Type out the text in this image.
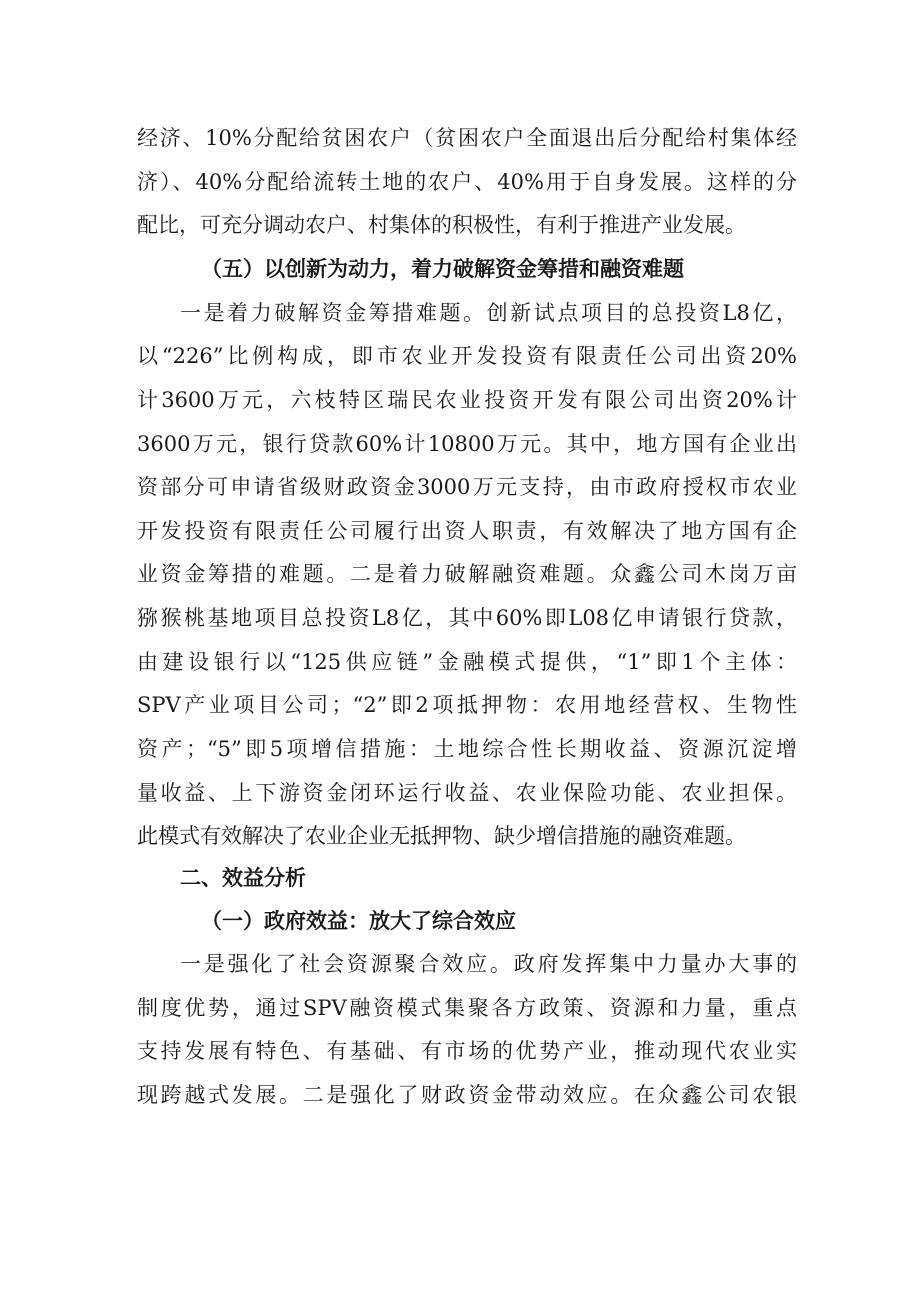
经济、10%分配给贫困农户（贫困农户全面退出后分配给村集体经
济）、40%分配给流转土地的农户、40%用于自身发展。这样的分
配比，可充分调动农户、村集体的积极性，有利于推进产业发展。
（五）以创新为动力，着力破解资金筹措和融资难题
一是着力破解资金筹措难题。创新试点项目的总投资L8亿，
以“226”比例构成，即市农业开发投资有限责任公司出资20%
计3600万元，六枝特区瑞民农业投资开发有限公司出资20%计
3600万元，银行贷款60%计10800万元。其中，地方国有企业出
资部分可申请省级财政资金3000万元支持，由市政府授权市农业
开发投资有限责任公司履行出资人职责，有效解决了地方国有企
业资金筹措的难题。二是着力破解融资难题。众鑫公司木岗万亩
猕猴桃基地项目总投资L8亿，其中60%即L08亿申请银行贷款，
由建设银行以“125供应链”金融模式提供，“1”即1个主体：
SPV产业项目公司；“2”即2项抵押物：农用地经营权、生物性
资产；“5”即5项增信措施：土地综合性长期收益、资源沉淀增
量收益、上下游资金闭环运行收益、农业保险功能、农业担保。
此模式有效解决了农业企业无抵押物、缺少增信措施的融资难题。
二、效益分析
（一）政府效益：放大了综合效应
一是强化了社会资源聚合效应。政府发挥集中力量办大事的
制度优势，通过SPV融资模式集聚各方政策、资源和力量，重点
支持发展有特色、有基础、有市场的优势产业，推动现代农业实
现跨越式发展。二是强化了财政资金带动效应。在众鑫公司农银
